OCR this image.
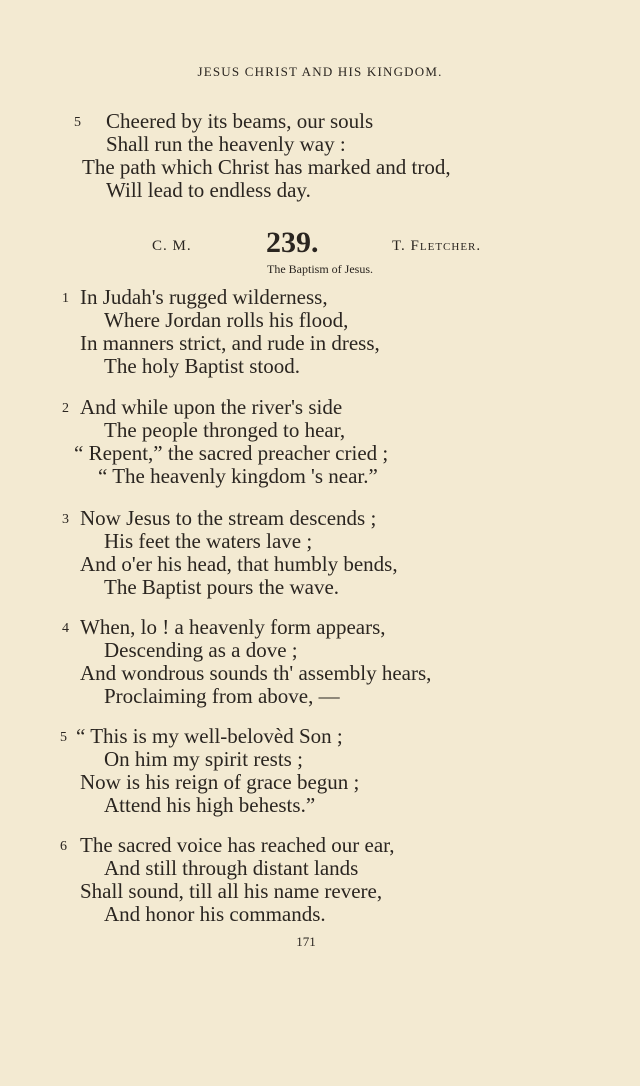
JESUS CHRIST AND HIS KINGDOM.
5 Cheered by its beams, our souls
Shall run the heavenly way :
The path which Christ has marked and trod,
Will lead to endless day.
C. M. 239.	T. Fletcher.
The Baptism of Jesus.
1 In Judah's rugged wilderness,
Where Jordan rolls his flood,
In manners strict, and rude in dress,
The holy Baptist stood.
2 And while upon the river's side
The people thronged to hear,
“ Repent,” the sacred preacher cried ;
“ The heavenly kingdom 's near.”
3 Now Jesus to the stream descends ;
His feet the waters lave ;
And o'er his head, that humbly bends,
The Baptist pours the wave.
4 When, lo ! a heavenly form appears,
Descending as a dove ;
And wondrous sounds th' assembly hears,
Proclaiming from above, —
5 “ This is my well-belovèd Son ;
On him my spirit rests ;
Now is his reign of grace begun ;
Attend his high behests.”
6 The sacred voice has reached our ear,
And still through distant lands
Shall sound, till all his name revere,
And honor his commands.
171
